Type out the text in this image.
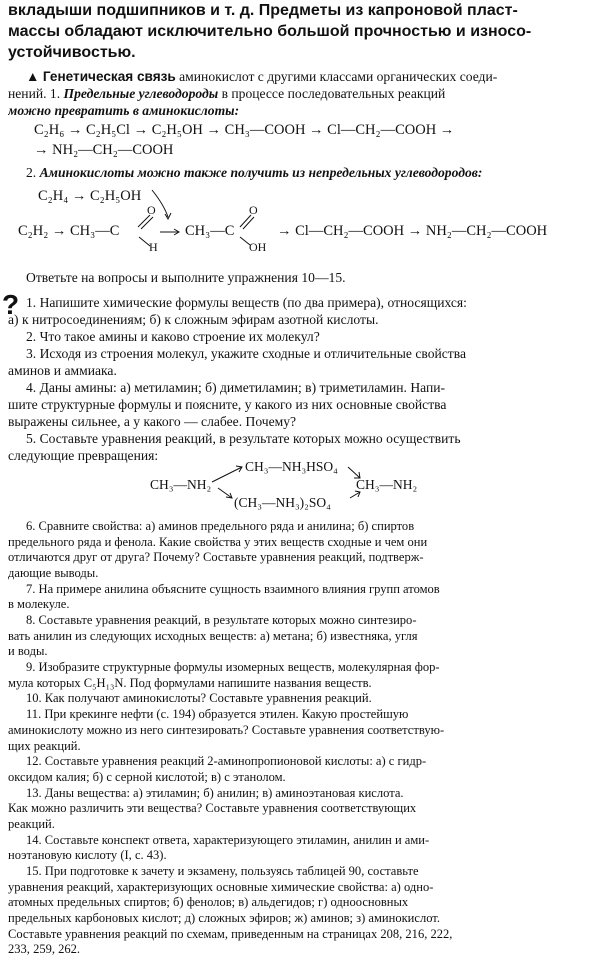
вкладыши подшипников и т. д. Предметы из капроновой пласт-
массы обладают исключительно большой прочностью и износо-
устойчивостью.
▲ Генетическая связь аминокислот с другими классами органических соеди-
нений. 1. Предельные углеводороды в процессе последовательных реакций
можно превратить в аминокислоты:
C₂H₆ → C₂H₅Cl → C₂H₅OH → CH₃—COOH → Cl—CH₂—COOH →
→ NH₂—CH₂—COOH
2. Аминокислоты можно также получить из непредельных углеводородов:
C₂H₄ → C₂H₅OH
C₂H₂ → CH₃—C
O
H
CH₃—C
O
OH
→ Cl—CH₂—COOH → NH₂—CH₂—COOH
Ответьте на вопросы и выполните упражнения 10—15.
? 1. Напишите химические формулы веществ (по два примера), относящихся:
а) к нитросоединениям; б) к сложным эфирам азотной кислоты.
2. Что такое амины и каково строение их молекул?
3. Исходя из строения молекул, укажите сходные и отличительные свойства
аминов и аммиака.
4. Даны амины: а) метиламин; б) диметиламин; в) триметиламин. Напи-
шите структурные формулы и поясните, у какого из них основные свойства
выражены сильнее, а у какого — слабее. Почему?
5. Составьте уравнения реакций, в результате которых можно осуществить
следующие превращения:
CH₃—NH₂
CH₃—NH₃HSO₄
(CH₃—NH₃)₂SO₄
CH₃—NH₂
6. Сравните свойства: а) аминов предельного ряда и анилина; б) спиртов
предельного ряда и фенола. Какие свойства у этих веществ сходные и чем они
отличаются друг от друга? Почему? Составьте уравнения реакций, подтверж-
дающие выводы.
7. На примере анилина объясните сущность взаимного влияния групп атомов
в молекуле.
8. Составьте уравнения реакций, в результате которых можно синтезиро-
вать анилин из следующих исходных веществ: а) метана; б) известняка, угля
и воды.
9. Изобразите структурные формулы изомерных веществ, молекулярная фор-
мула которых C₅H₁₃N. Под формулами напишите названия веществ.
10. Как получают аминокислоты? Составьте уравнения реакций.
11. При крекинге нефти (с. 194) образуется этилен. Какую простейшую
аминокислоту можно из него синтезировать? Составьте уравнения соответствую-
щих реакций.
12. Составьте уравнения реакций 2-аминопропионовой кислоты: а) с гидр-
оксидом калия; б) с серной кислотой; в) с этанолом.
13. Даны вещества: а) этиламин; б) анилин; в) аминоэтановая кислота.
Как можно различить эти вещества? Составьте уравнения соответствующих
реакций.
14. Составьте конспект ответа, характеризующего этиламин, анилин и ами-
ноэтановую кислоту (I, с. 43).
15. При подготовке к зачету и экзамену, пользуясь таблицей 90, составьте
уравнения реакций, характеризующих основные химические свойства: а) одно-
атомных предельных спиртов; б) фенолов; в) альдегидов; г) одноосновных
предельных карбоновых кислот; д) сложных эфиров; ж) аминов; з) аминокислот.
Составьте уравнения реакций по схемам, приведенным на страницах 208, 216, 222,
233, 259, 262.
